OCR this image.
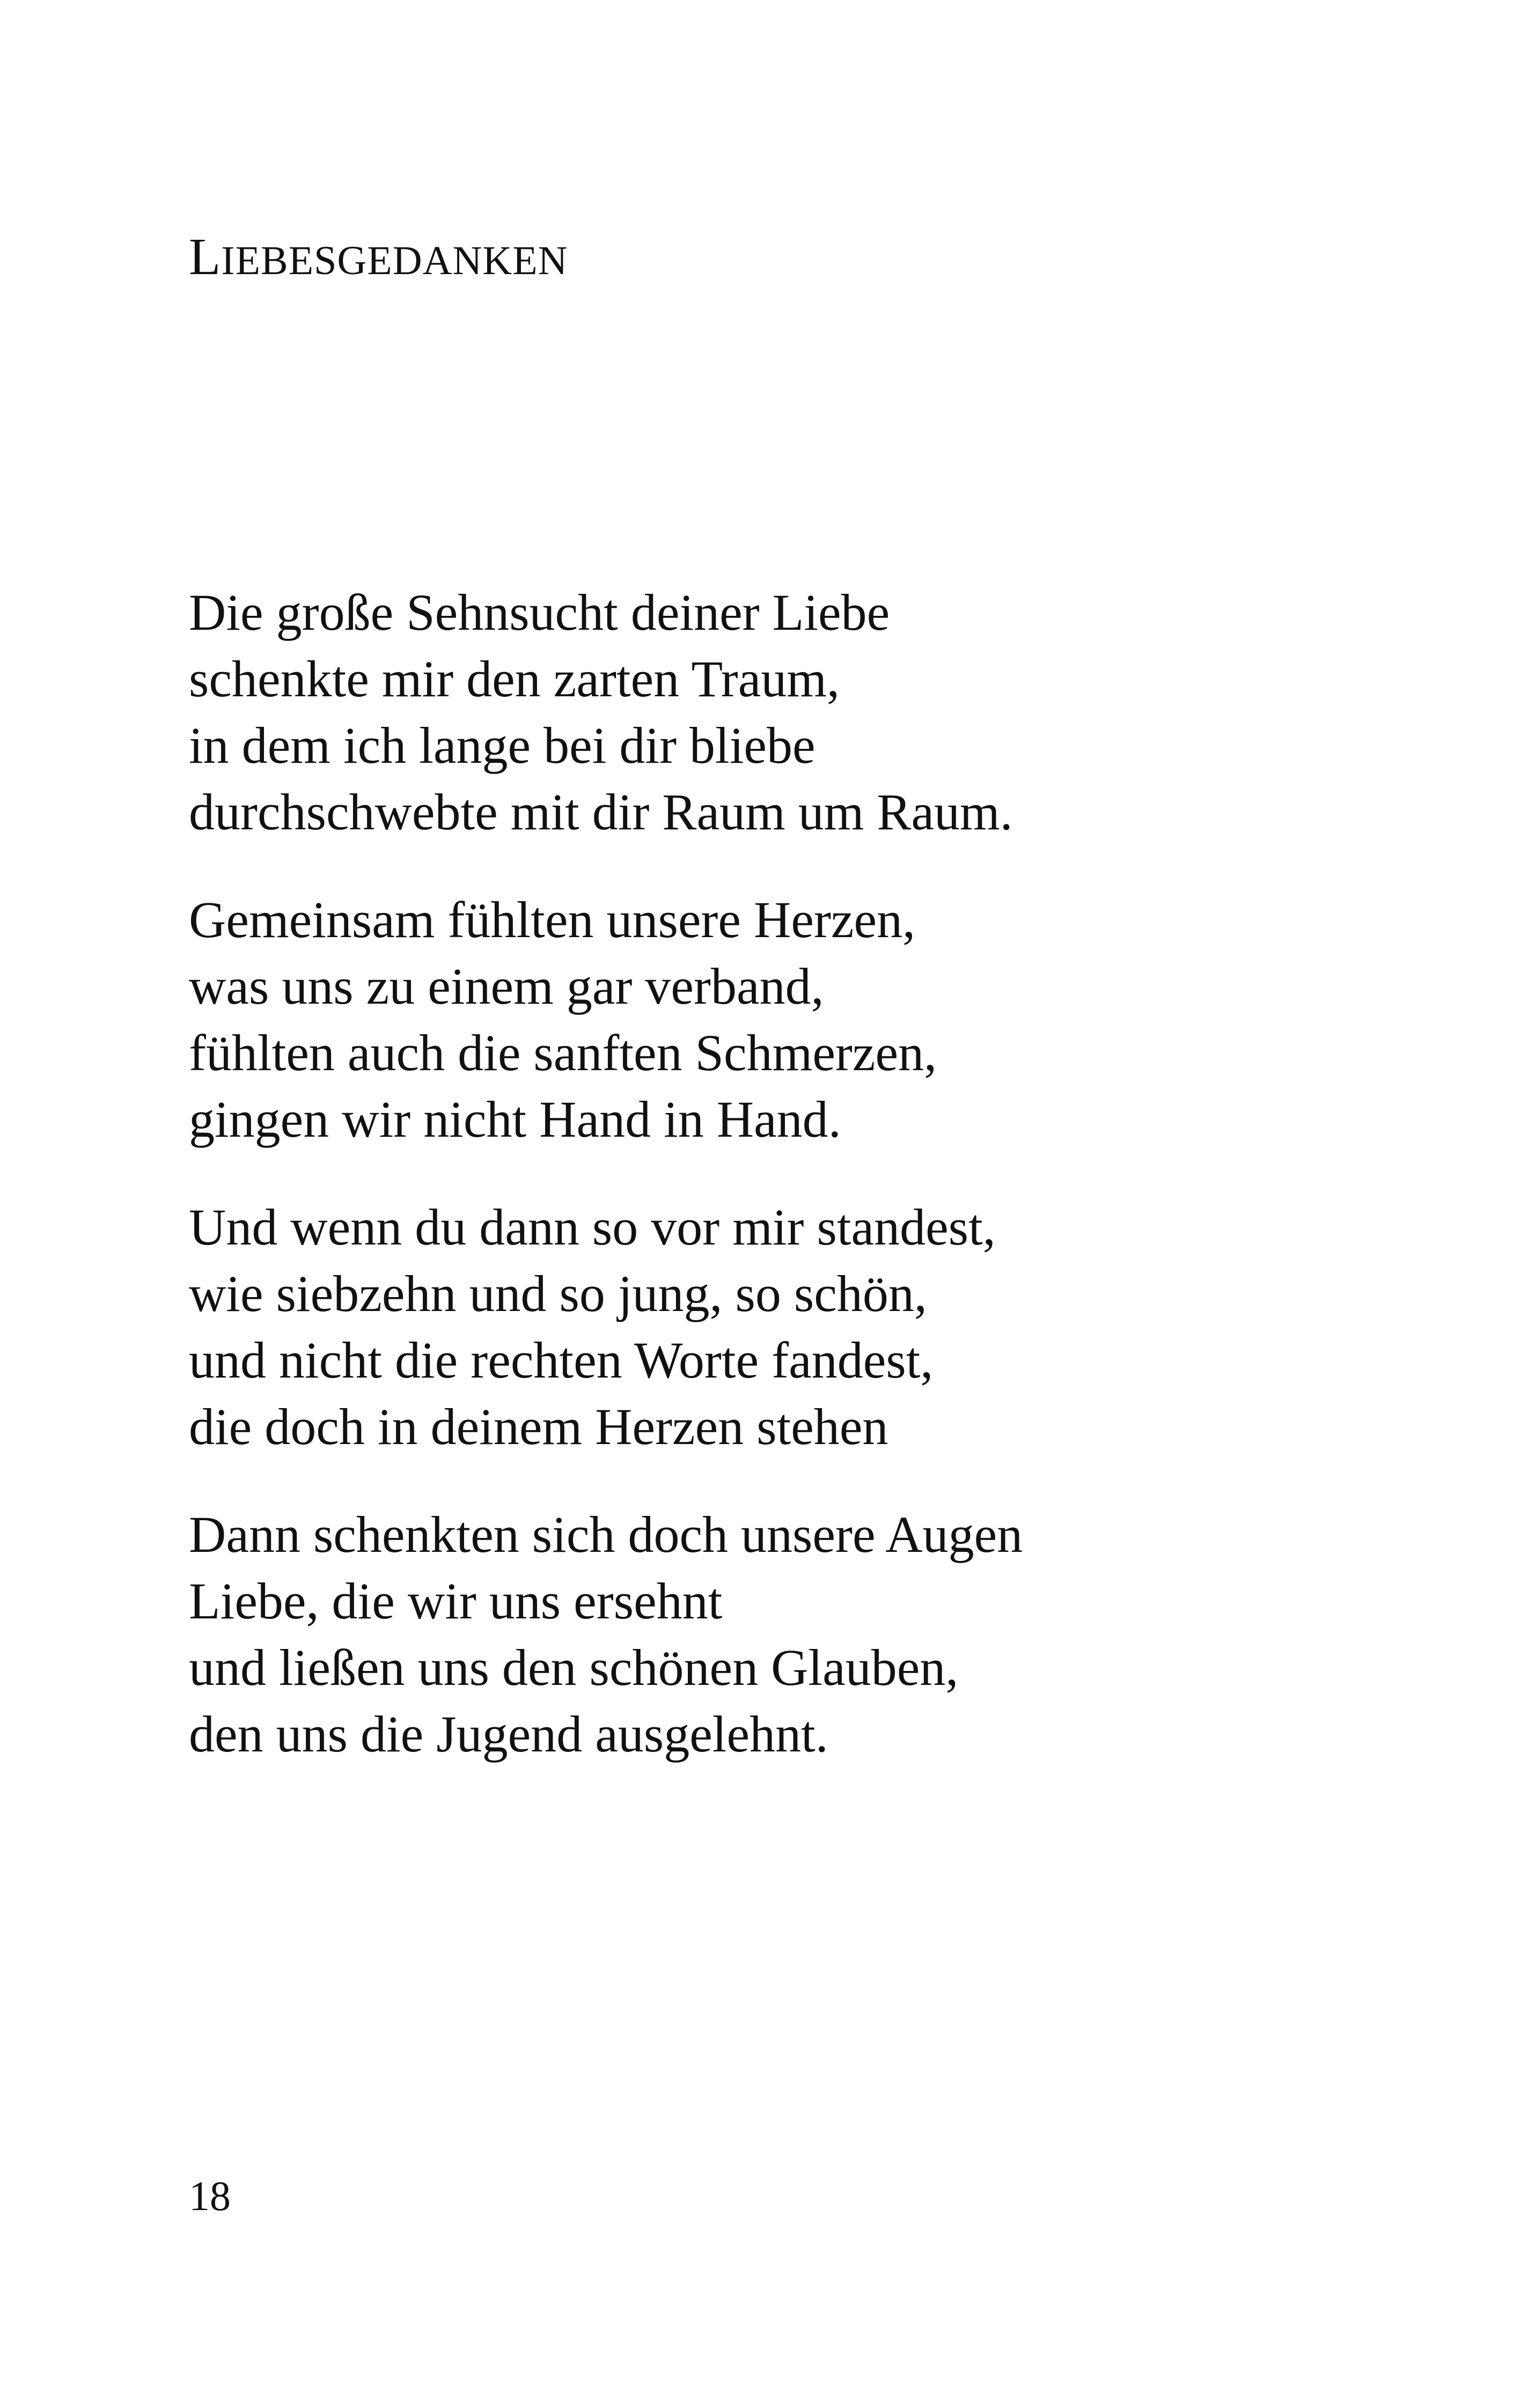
LIEBESGEDANKEN

Die große Sehnsucht deiner Liebe
schenkte mir den zarten Traum,
in dem ich lange bei dir bliebe
durchschwebte mit dir Raum um Raum.

Gemeinsam fühlten unsere Herzen,
was uns zu einem gar verband,
fühlten auch die sanften Schmerzen,
gingen wir nicht Hand in Hand.

Und wenn du dann so vor mir standest,
wie siebzehn und so jung, so schön,
und nicht die rechten Worte fandest,
die doch in deinem Herzen stehen

Dann schenkten sich doch unsere Augen
Liebe, die wir uns ersehnt
und ließen uns den schönen Glauben,
den uns die Jugend ausgelehnt.

18
